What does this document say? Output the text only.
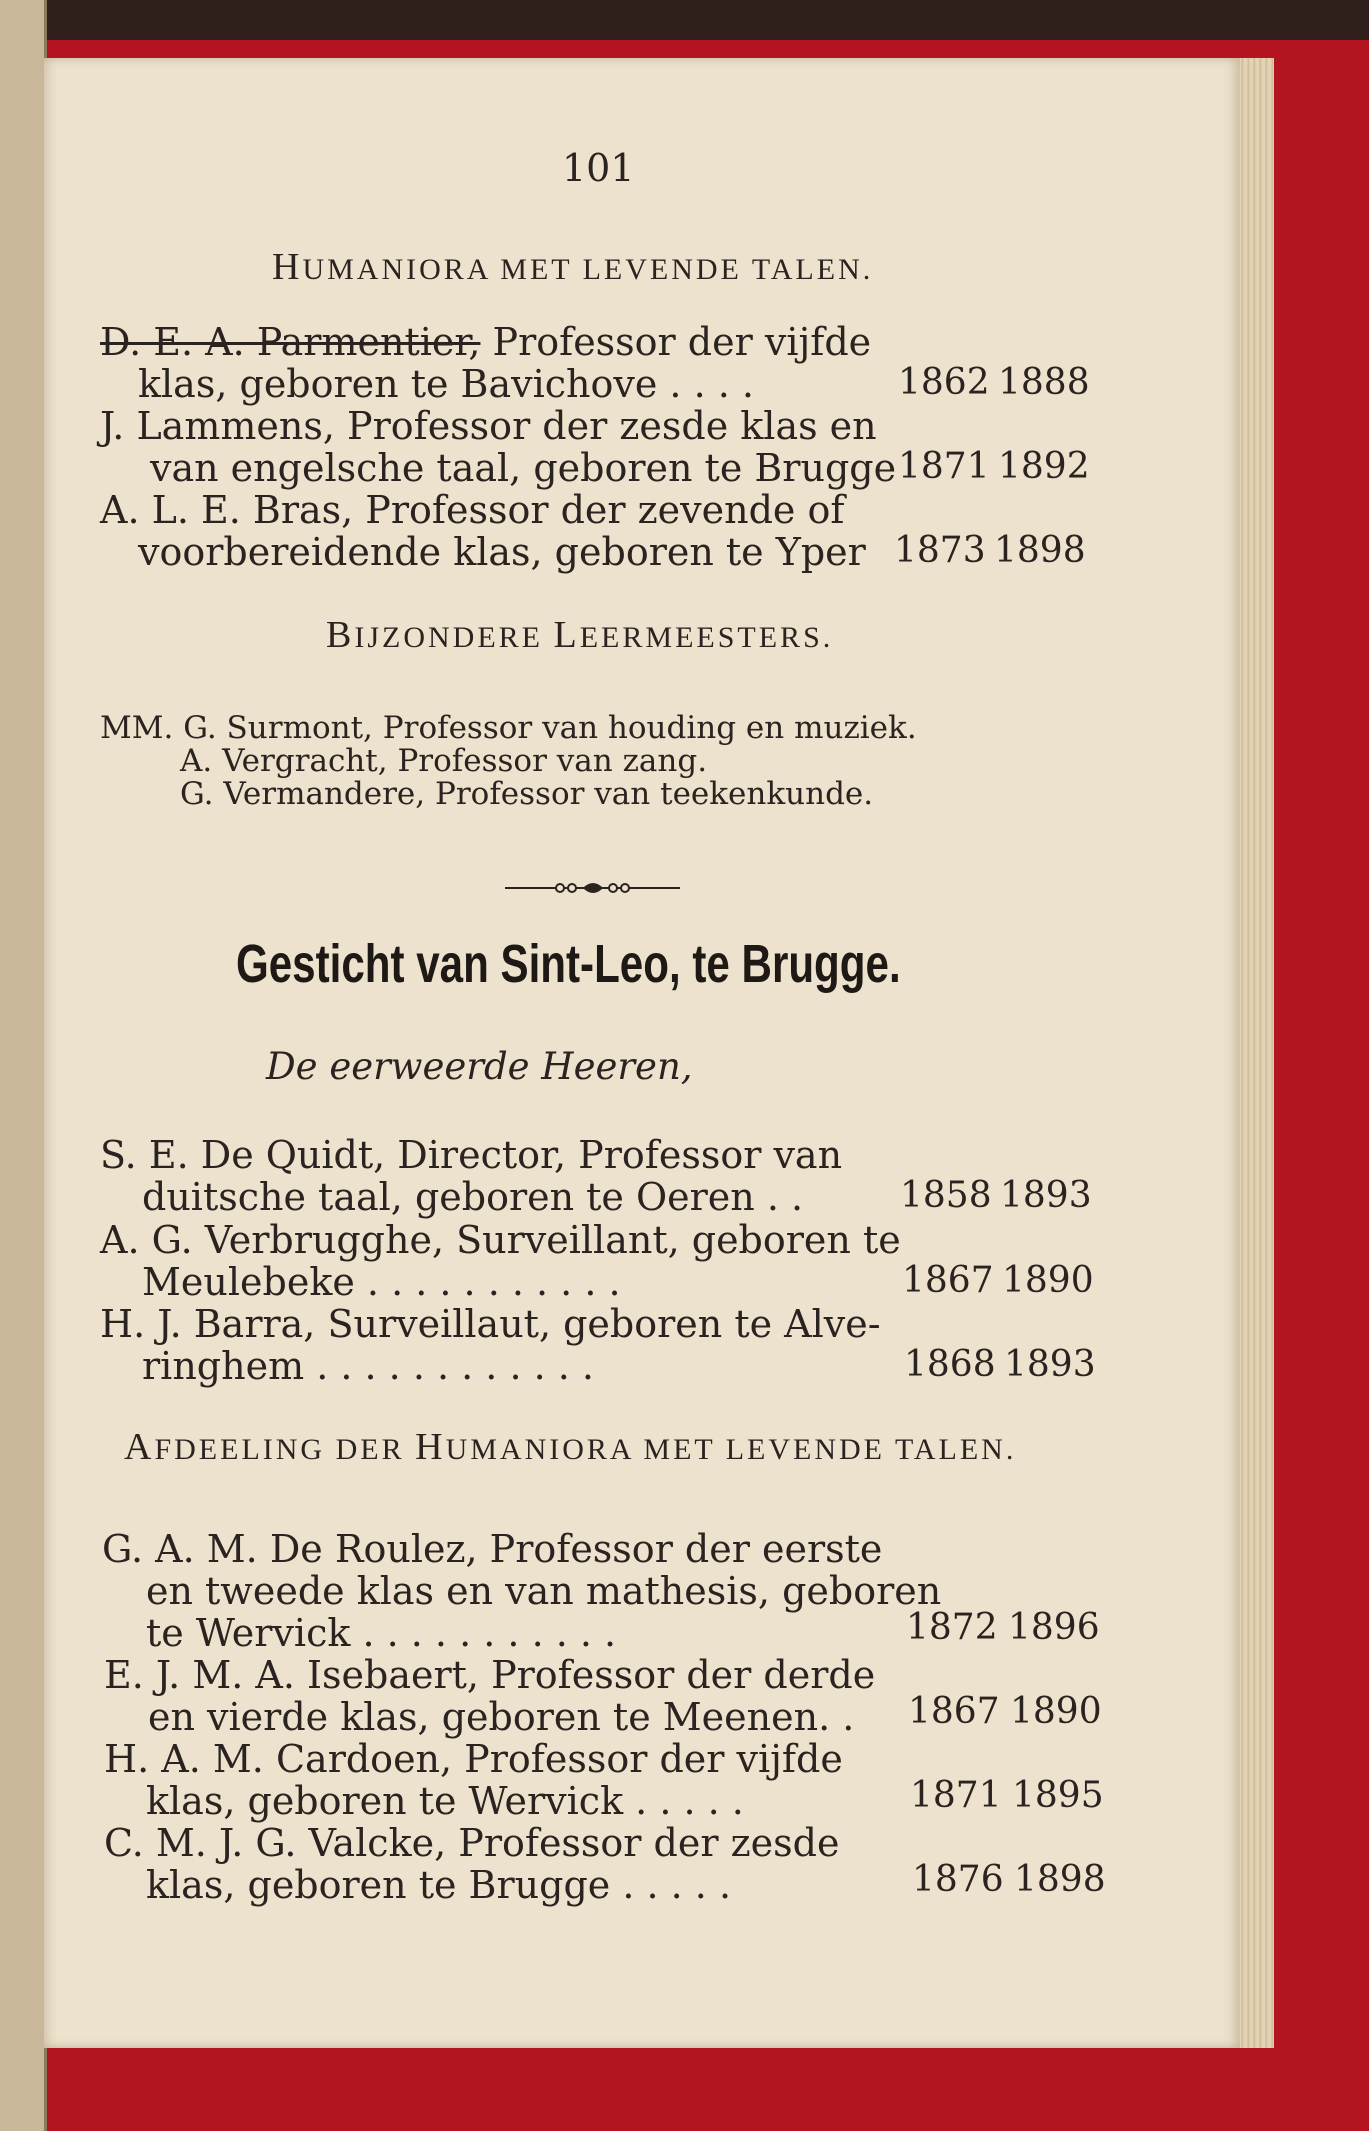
101
HUMANIORA MET LEVENDE TALEN.
D. E. A. Parmentier, Professor der vijfde
klas, geboren te Bavichove . . . .	1862 1888
J. Lammens, Professor der zesde klas en
van engelsche taal, geboren te Brugge 1871 1892
A. L. E. Bras, Professor der zevende of
voorbereidende klas, geboren te Yper 1873 1898
BIJZONDERE LEERMEESTERS.
MM. G. Surmont, Professor van houding en muziek.
A. Vergracht, Professor van zang.
G. Vermandere, Professor van teekenkunde.
Gesticht van Sint-Leo, te Brugge.
De eerweerde Heeren,
S. E. De Quidt, Director, Professor van
duitsche taal, geboren te Oeren . .	1858 1893
A. G. Verbrugghe, Surveillant, geboren te
Meulebeke . . . . . . . . . . .	1867 1890
H. J. Barra, Surveillaut, geboren te Alve-
ringhem . . . . . . . . . . . .	1868 1893
AFDEELING DER HUMANIORA MET LEVENDE TALEN.
G. A. M. De Roulez, Professor der eerste
en tweede klas en van mathesis, geboren
te Wervick . . . . . . . . . . .	1872 1896
E. J. M. A. Isebaert, Professor der derde
en vierde klas, geboren te Meenen. . 1867 1890
H. A. M. Cardoen, Professor der vijfde
klas, geboren te Wervick . . . . .	1871 1895
C. M. J. G. Valcke, Professor der zesde
klas, geboren te Brugge . . . . .	1876 1898
